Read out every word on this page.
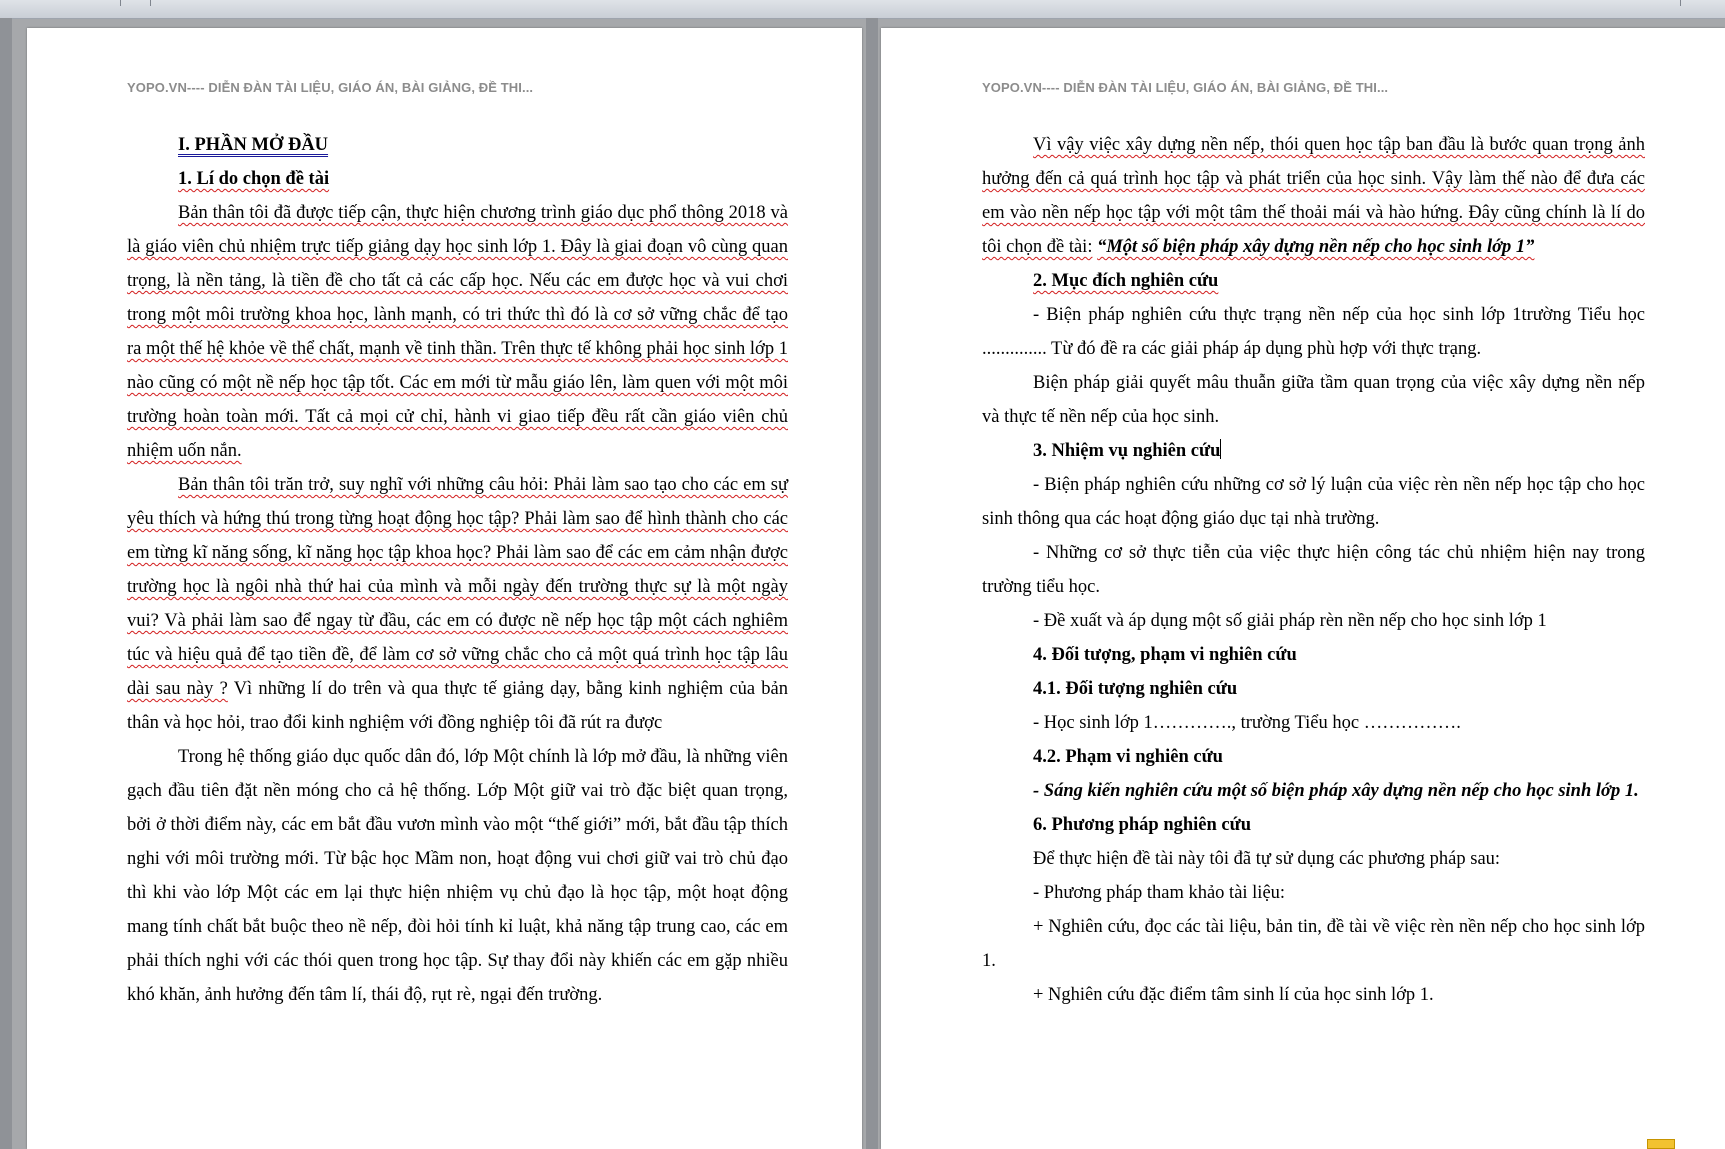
YOPO.VN---- DIỄN ĐÀN TÀI LIỆU, GIÁO ÁN, BÀI GIẢNG, ĐỀ THI...

I. PHẦN MỞ ĐẦU

1. Lí do chọn đề tài

Bản thân tôi đã được tiếp cận, thực hiện chương trình giáo dục phổ thông 2018 và là giáo viên chủ nhiệm trực tiếp giảng dạy học sinh lớp 1. Đây là giai đoạn vô cùng quan trọng, là nền tảng, là tiền đề cho tất cả các cấp học. Nếu các em được học và vui chơi trong một môi trường khoa học, lành mạnh, có tri thức thì đó là cơ sở vững chắc để tạo ra một thế hệ khỏe về thể chất, mạnh về tinh thần. Trên thực tế không phải học sinh lớp 1 nào cũng có một nề nếp học tập tốt. Các em mới từ mẫu giáo lên, làm quen với một môi trường hoàn toàn mới. Tất cả mọi cử chỉ, hành vi giao tiếp đều rất cần giáo viên chủ nhiệm uốn nắn.

Bản thân tôi trăn trở, suy nghĩ với những câu hỏi: Phải làm sao tạo cho các em sự yêu thích và hứng thú trong từng hoạt động học tập? Phải làm sao để hình thành cho các em từng kĩ năng sống, kĩ năng học tập khoa học? Phải làm sao để các em cảm nhận được trường học là ngôi nhà thứ hai của mình và mỗi ngày đến trường thực sự là một ngày vui? Và phải làm sao để ngay từ đầu, các em có được nề nếp học tập một cách nghiêm túc và hiệu quả để tạo tiền đề, để làm cơ sở vững chắc cho cả một quá trình học tập lâu dài sau này ? Vì những lí do trên và qua thực tế giảng dạy, bằng kinh nghiệm của bản thân và học hỏi, trao đổi kinh nghiệm với đồng nghiệp tôi đã rút ra được

Trong hệ thống giáo dục quốc dân đó, lớp Một chính là lớp mở đầu, là những viên gạch đầu tiên đặt nền móng cho cả hệ thống. Lớp Một giữ vai trò đặc biệt quan trọng, bởi ở thời điểm này, các em bắt đầu vươn mình vào một “thế giới” mới, bắt đầu tập thích nghi với môi trường mới. Từ bậc học Mầm non, hoạt động vui chơi giữ vai trò chủ đạo thì khi vào lớp Một các em lại thực hiện nhiệm vụ chủ đạo là học tập, một hoạt động mang tính chất bắt buộc theo nề nếp, đòi hỏi tính kỉ luật, khả năng tập trung cao, các em phải thích nghi với các thói quen trong học tập. Sự thay đổi này khiến các em gặp nhiều khó khăn, ảnh hưởng đến tâm lí, thái độ, rụt rè, ngại đến trường.

YOPO.VN---- DIỄN ĐÀN TÀI LIỆU, GIÁO ÁN, BÀI GIẢNG, ĐỀ THI...

Vì vậy việc xây dựng nền nếp, thói quen học tập ban đầu là bước quan trọng ảnh hưởng đến cả quá trình học tập và phát triển của học sinh. Vậy làm thế nào để đưa các em vào nền nếp học tập với một tâm thế thoải mái và hào hứng. Đây cũng chính là lí do tôi chọn đề tài: “Một số biện pháp xây dựng nền nếp cho học sinh lớp 1”

2. Mục đích nghiên cứu

- Biện pháp nghiên cứu thực trạng nền nếp của học sinh lớp 1trường Tiểu học .............. Từ đó đề ra các giải pháp áp dụng phù hợp với thực trạng.

Biện pháp giải quyết mâu thuẫn giữa tầm quan trọng của việc xây dựng nền nếp và thực tế nền nếp của học sinh.

3. Nhiệm vụ nghiên cứu

- Biện pháp nghiên cứu những cơ sở lý luận của việc rèn nền nếp học tập cho học sinh thông qua các hoạt động giáo dục tại nhà trường.

- Những cơ sở thực tiễn của việc thực hiện công tác chủ nhiệm hiện nay trong trường tiểu học.

- Đề xuất và áp dụng một số giải pháp rèn nền nếp cho học sinh lớp 1

4. Đối tượng, phạm vi nghiên cứu

4.1. Đối tượng nghiên cứu

- Học sinh lớp 1…………., trường Tiểu học …………….

4.2. Phạm vi nghiên cứu

- Sáng kiến nghiên cứu một số biện pháp xây dựng nền nếp cho học sinh lớp 1.

6. Phương pháp nghiên cứu

Để thực hiện đề tài này tôi đã tự sử dụng các phương pháp sau:

- Phương pháp tham khảo tài liệu:

+ Nghiên cứu, đọc các tài liệu, bản tin, đề tài về việc rèn nền nếp cho học sinh lớp 1.

+ Nghiên cứu đặc điểm tâm sinh lí của học sinh lớp 1.
